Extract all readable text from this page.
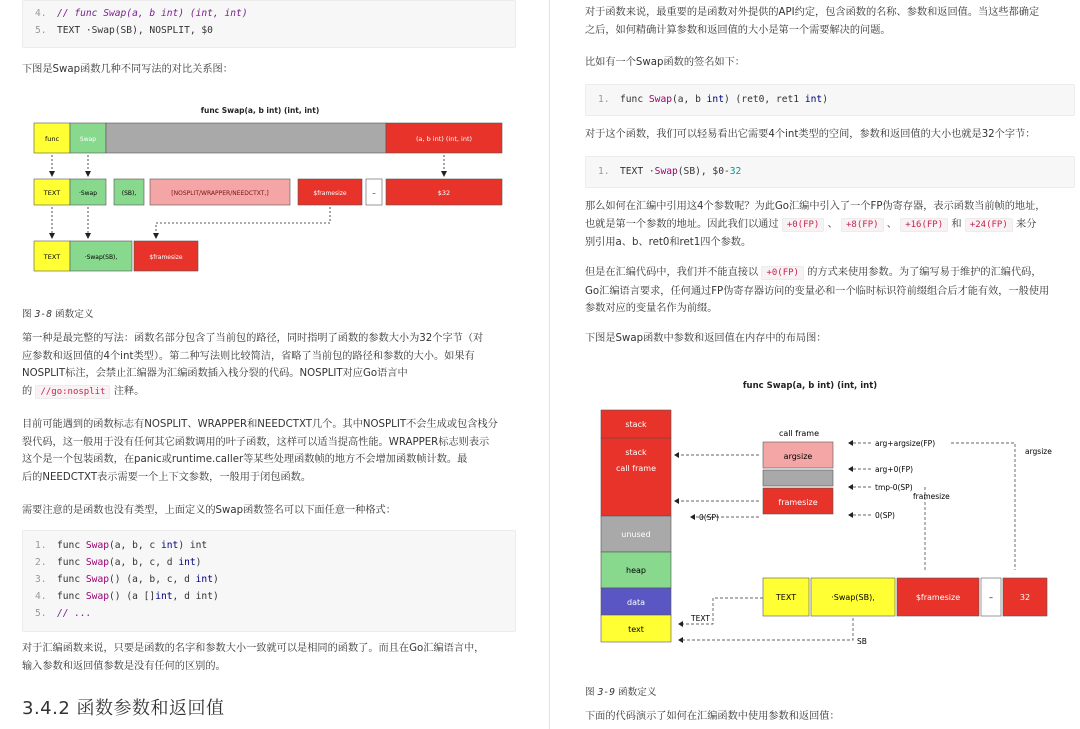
4. // func Swap(a, b int) (int, int)
5. TEXT ·Swap(SB), NOSPLIT, $0

下图是Swap函数几种不同写法的对比关系图：

func Swap(a, b int) (int, int)
func	Swap	(a, b int) (int, int)
TEXT	·Swap	(SB),	[NOSPLIT/WRAPPER/NEEDCTXT,]	$framesize	–	$32
TEXT	·Swap(SB),	$framesize
图 3-8 函数定义

第一种是最完整的写法：函数名部分包含了当前包的路径，同时指明了函数的参数大小为32个字节（对

应参数和返回值的4个int类型）。第二种写法则比较简洁，省略了当前包的路径和参数的大小。如果有

NOSPLIT标注，会禁止汇编器为汇编函数插入栈分裂的代码。NOSPLIT对应Go语言中

的 //go:nosplit 注释。

目前可能遇到的函数标志有NOSPLIT、WRAPPER和NEEDCTXT几个。其中NOSPLIT不会生成或包含栈分

裂代码，这一般用于没有任何其它函数调用的叶子函数，这样可以适当提高性能。WRAPPER标志则表示

这个是一个包装函数，在panic或runtime.caller等某些处理函数帧的地方不会增加函数帧计数。最

后的NEEDCTXT表示需要一个上下文参数，一般用于闭包函数。

需要注意的是函数也没有类型，上面定义的Swap函数签名可以下面任意一种格式：

1. func Swap(a, b, c int) int
2. func Swap(a, b, c, d int)
3. func Swap() (a, b, c, d int)
4. func Swap() (a []int, d int)
5. // ...

对于汇编函数来说，只要是函数的名字和参数大小一致就可以是相同的函数了。而且在Go汇编语言中，

输入参数和返回值参数是没有任何的区别的。

3.4.2 函数参数和返回值

对于函数来说，最重要的是函数对外提供的API约定，包含函数的名称、参数和返回值。当这些都确定

之后，如何精确计算参数和返回值的大小是第一个需要解决的问题。

比如有一个Swap函数的签名如下：

1. func Swap(a, b int) (ret0, ret1 int)

对于这个函数，我们可以轻易看出它需要4个int类型的空间，参数和返回值的大小也就是32个字节：

1. TEXT ·Swap(SB), $0-32

那么如何在汇编中引用这4个参数呢？为此Go汇编中引入了一个FP伪寄存器，表示函数当前帧的地址，

也就是第一个参数的地址。因此我们以通过 +0(FP) 、 +8(FP) 、 +16(FP) 和 +24(FP) 来分

别引用a、b、ret0和ret1四个参数。

但是在汇编代码中，我们并不能直接以 +0(FP) 的方式来使用参数。为了编写易于维护的汇编代码，

Go汇编语言要求，任何通过FP伪寄存器访问的变量必和一个临时标识符前缀组合后才能有效，一般使用

参数对应的变量名作为前缀。

下图是Swap函数中参数和返回值在内存中的布局图：

func Swap(a, b int) (int, int)
stack
stack
call frame
unused
heap
data
text
call frame
argsize
framesize
0(SP)
arg+argsize(FP)
arg+0(FP)
tmp-0(SP)
0(SP)
argsize
framesize
TEXT	·Swap(SB),	$framesize	–	32
TEXT
SB
图 3-9 函数定义

下面的代码演示了如何在汇编函数中使用参数和返回值：
